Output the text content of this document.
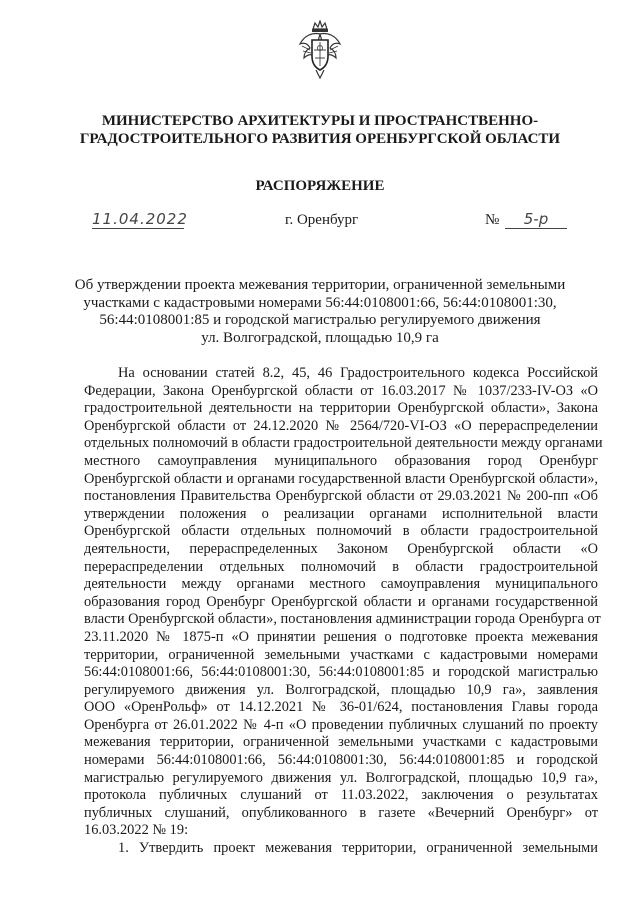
МИНИСТЕРСТВО АРХИТЕКТУРЫ И ПРОСТРАНСТВЕННО-
ГРАДОСТРОИТЕЛЬНОГО РАЗВИТИЯ ОРЕНБУРГСКОЙ ОБЛАСТИ
РАСПОРЯЖЕНИЕ
11.04.2022	г. Оренбург	№	5-р
Об утверждении проекта межевания территории, ограниченной земельными
участками с кадастровыми номерами 56:44:0108001:66, 56:44:0108001:30,
56:44:0108001:85 и городской магистралью регулируемого движения
ул. Волгоградской, площадью 10,9 га
На основании статей 8.2, 45, 46 Градостроительного кодекса Российской
Федерации, Закона Оренбургской области от 16.03.2017 № 1037/233-IV-ОЗ «О
градостроительной деятельности на территории Оренбургской области», Закона
Оренбургской области от 24.12.2020 № 2564/720-VI-ОЗ «О перераспределении
отдельных полномочий в области градостроительной деятельности между органами
местного самоуправления муниципального образования город Оренбург
Оренбургской области и органами государственной власти Оренбургской области»,
постановления Правительства Оренбургской области от 29.03.2021 № 200-пп «Об
утверждении положения о реализации органами исполнительной власти
Оренбургской области отдельных полномочий в области градостроительной
деятельности, перераспределенных Законом Оренбургской области «О
перераспределении отдельных полномочий в области градостроительной
деятельности между органами местного самоуправления муниципального
образования город Оренбург Оренбургской области и органами государственной
власти Оренбургской области», постановления администрации города Оренбурга от
23.11.2020 № 1875-п «О принятии решения о подготовке проекта межевания
территории, ограниченной земельными участками с кадастровыми номерами
56:44:0108001:66, 56:44:0108001:30, 56:44:0108001:85 и городской магистралью
регулируемого движения ул. Волгоградской, площадью 10,9 га», заявления
ООО «ОренРольф» от 14.12.2021 № 36-01/624, постановления Главы города
Оренбурга от 26.01.2022 № 4-п «О проведении публичных слушаний по проекту
межевания территории, ограниченной земельными участками с кадастровыми
номерами 56:44:0108001:66, 56:44:0108001:30, 56:44:0108001:85 и городской
магистралью регулируемого движения ул. Волгоградской, площадью 10,9 га»,
протокола публичных слушаний от 11.03.2022, заключения о результатах
публичных слушаний, опубликованного в газете «Вечерний Оренбург» от
16.03.2022 № 19:
1. Утвердить проект межевания территории, ограниченной земельными
